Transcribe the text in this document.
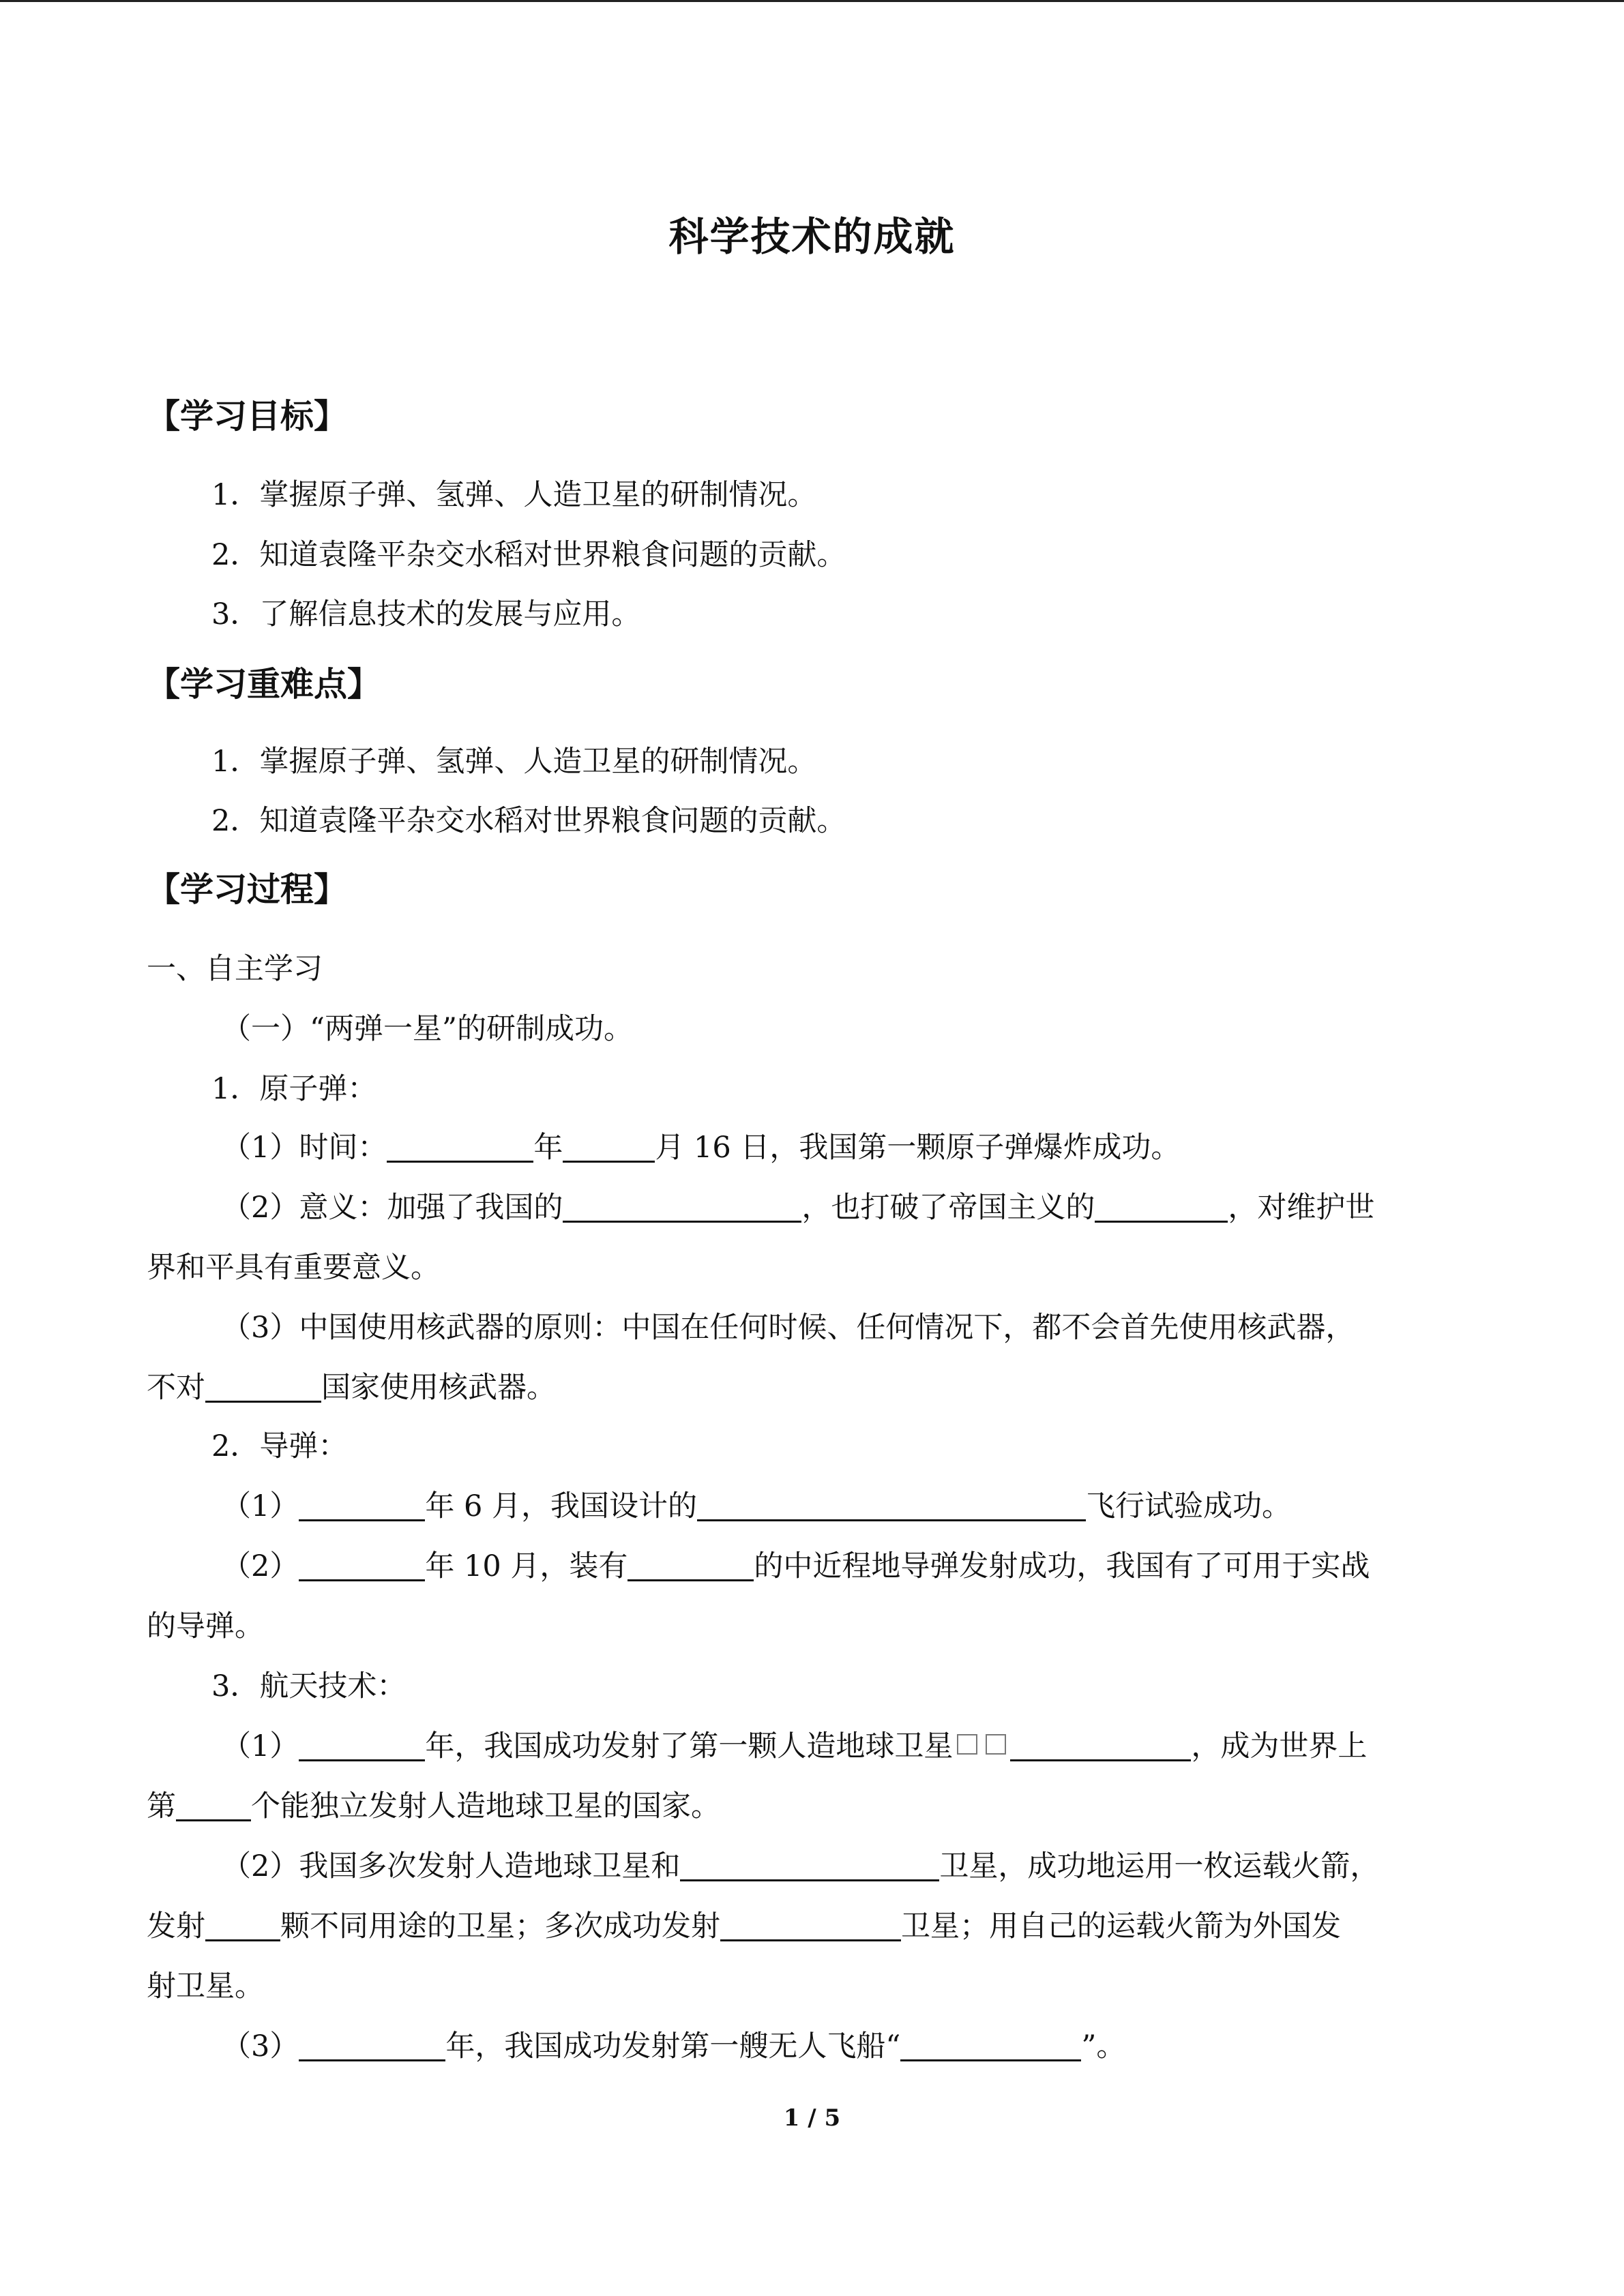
科学技术的成就
【学习目标】
1．掌握原子弹、氢弹、人造卫星的研制情况。
2．知道袁隆平杂交水稻对世界粮食问题的贡献。
3．了解信息技术的发展与应用。
【学习重难点】
1．掌握原子弹、氢弹、人造卫星的研制情况。
2．知道袁隆平杂交水稻对世界粮食问题的贡献。
【学习过程】
一、自主学习
（一）“两弹一星”的研制成功。
1．原子弹：
（1）时间：	年	月 16 日，我国第一颗原子弹爆炸成功。
（2）意义：加强了我国的	，也打破了帝国主义的	，对维护世
界和平具有重要意义。
（3）中国使用核武器的原则：中国在任何时候、任何情况下，都不会首先使用核武器，
不对	国家使用核武器。
2．导弹：
（1）	年 6 月，我国设计的	飞行试验成功。
（2）	年 10 月，装有	的中近程地导弹发射成功，我国有了可用于实战
的导弹。
3．航天技术：
（1）	年，我国成功发射了第一颗人造地球卫星	，成为世界上
第	个能独立发射人造地球卫星的国家。
（2）我国多次发射人造地球卫星和	卫星，成功地运用一枚运载火箭，
发射	颗不同用途的卫星；多次成功发射	卫星；用自己的运载火箭为外国发
射卫星。
（3）	年，我国成功发射第一艘无人飞船“	”。
1 / 5
